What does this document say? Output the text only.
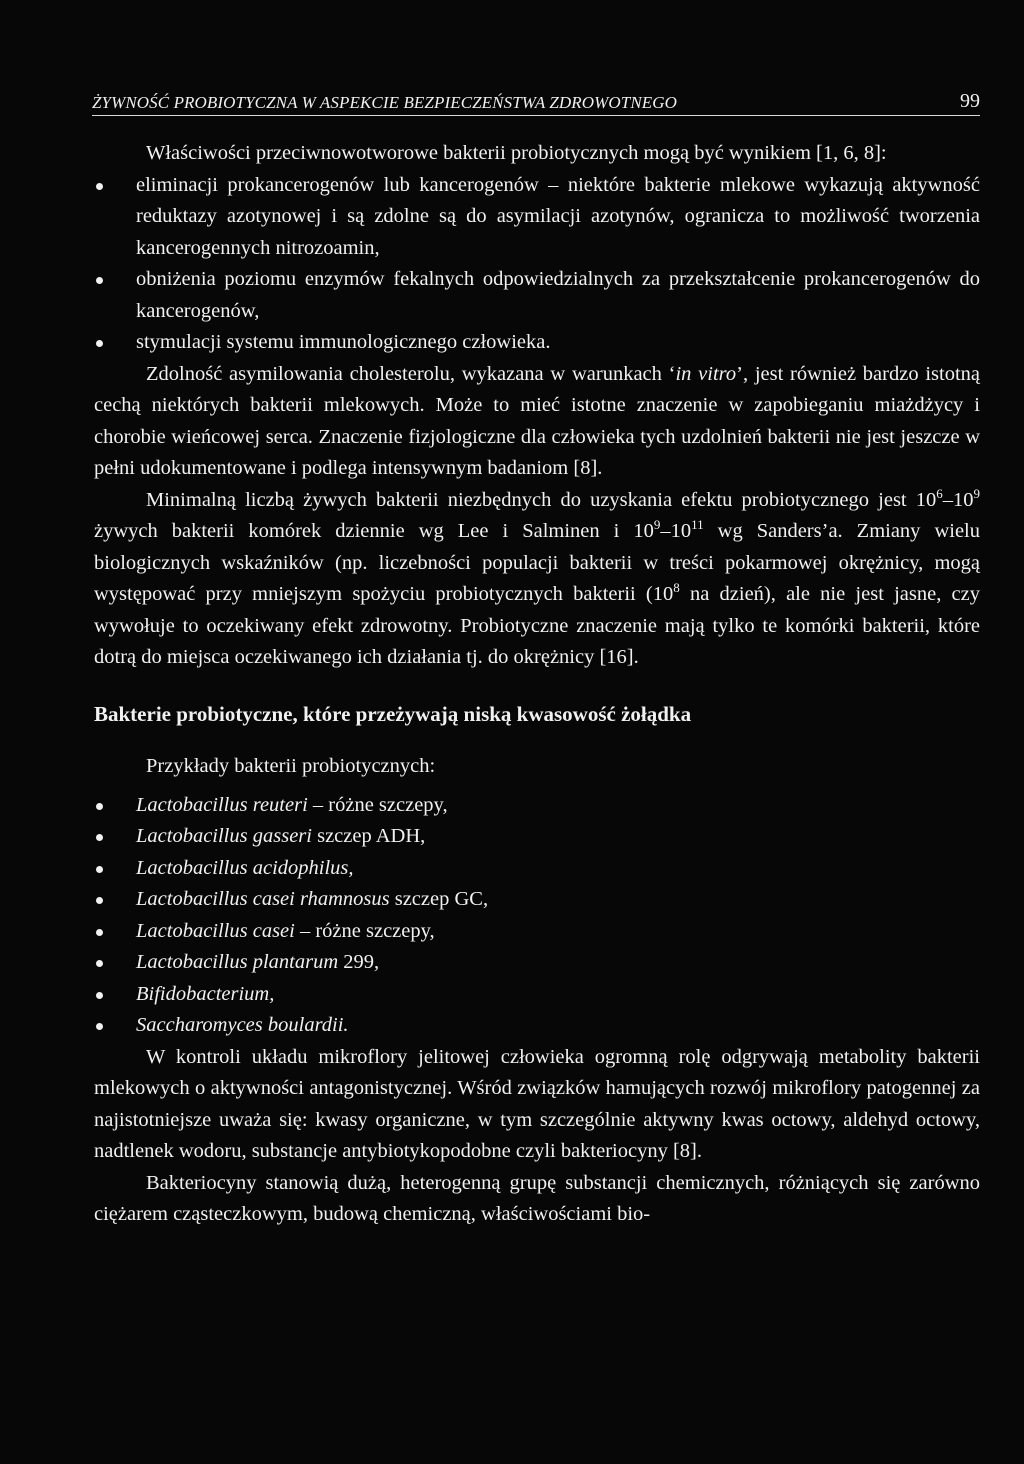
ŻYWNOŚĆ PROBIOTYCZNA W ASPEKCIE BEZPIECZEŃSTWA ZDROWOTNEGO	99

Właściwości przeciwnowotworowe bakterii probiotycznych mogą być wynikiem [1, 6, 8]:

eliminacji prokancerogenów lub kancerogenów – niektóre bakterie mlekowe wykazują aktywność reduktazy azotynowej i są zdolne są do asymilacji azotynów, ogranicza to możliwość tworzenia kancerogennych nitrozoamin,
obniżenia poziomu enzymów fekalnych odpowiedzialnych za przekształcenie prokancerogenów do kancerogenów,
stymulacji systemu immunologicznego człowieka.

Zdolność asymilowania cholesterolu, wykazana w warunkach ‘in vitro’, jest również bardzo istotną cechą niektórych bakterii mlekowych. Może to mieć istotne znaczenie w zapobieganiu miażdżycy i chorobie wieńcowej serca. Znaczenie fizjologiczne dla człowieka tych uzdolnień bakterii nie jest jeszcze w pełni udokumentowane i podlega intensywnym badaniom [8].

Minimalną liczbą żywych bakterii niezbędnych do uzyskania efektu probiotycznego jest $10^6-10^9$ żywych bakterii komórek dziennie wg Lee i Salminen i $10^9-10^{11}$ wg Sanders’a. Zmiany wielu biologicznych wskaźników (np. liczebności populacji bakterii w treści pokarmowej okrężnicy, mogą występować przy mniejszym spożyciu probiotycznych bakterii ($10^8$ na dzień), ale nie jest jasne, czy wywołuje to oczekiwany efekt zdrowotny. Probiotyczne znaczenie mają tylko te komórki bakterii, które dotrą do miejsca oczekiwanego ich działania tj. do okrężnicy [16].

Bakterie probiotyczne, które przeżywają niską kwasowość żołądka

Przykłady bakterii probiotycznych:

Lactobacillus reuteri – różne szczepy,
Lactobacillus gasseri szczep ADH,
Lactobacillus acidophilus,
Lactobacillus casei rhamnosus szczep GC,
Lactobacillus casei – różne szczepy,
Lactobacillus plantarum 299,
Bifidobacterium,
Saccharomyces boulardii.

W kontroli układu mikroflory jelitowej człowieka ogromną rolę odgrywają metabolity bakterii mlekowych o aktywności antagonistycznej. Wśród związków hamujących rozwój mikroflory patogennej za najistotniejsze uważa się: kwasy organiczne, w tym szczególnie aktywny kwas octowy, aldehyd octowy, nadtlenek wodoru, substancje antybiotykopodobne czyli bakteriocyny [8].

Bakteriocyny stanowią dużą, heterogenną grupę substancji chemicznych, różniących się zarówno ciężarem cząsteczkowym, budową chemiczną, właściwościami bio-
